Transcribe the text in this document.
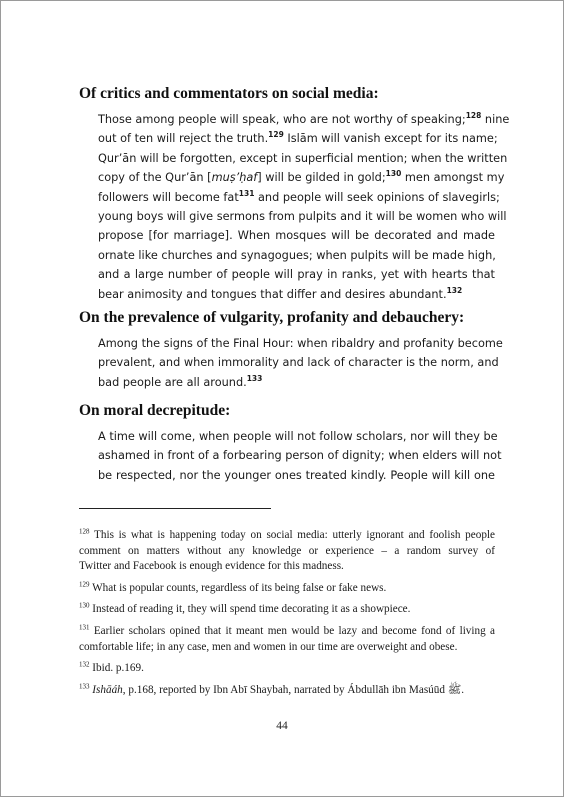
Of critics and commentators on social media:
Those among people will speak, who are not worthy of speaking;$^{128}$ nine
out of ten will reject the truth.$^{129}$ Islām will vanish except for its name;
Qur’ān will be forgotten, except in superficial mention; when the written
copy of the Qur’ān [muṣ’ḥaf] will be gilded in gold;$^{130}$ men amongst my
followers will become fat$^{131}$ and people will seek opinions of slavegirls;
young boys will give sermons from pulpits and it will be women who will
propose [for marriage]. When mosques will be decorated and made
ornate like churches and synagogues; when pulpits will be made high,
and a large number of people will pray in ranks, yet with hearts that
bear animosity and tongues that differ and desires abundant.$^{132}$
On the prevalence of vulgarity, profanity and debauchery:
Among the signs of the Final Hour: when ribaldry and profanity become
prevalent, and when immorality and lack of character is the norm, and
bad people are all around.$^{133}$
On moral decrepitude:
A time will come, when people will not follow scholars, nor will they be
ashamed in front of a forbearing person of dignity; when elders will not
be respected, nor the younger ones treated kindly. People will kill one
$^{128}$ This is what is happening today on social media: utterly ignorant and foolish people
comment on matters without any knowledge or experience – a random survey of
Twitter and Facebook is enough evidence for this madness.
$^{129}$ What is popular counts, regardless of its being false or fake news.
$^{130}$ Instead of reading it, they will spend time decorating it as a showpiece.
$^{131}$ Earlier scholars opined that it meant men would be lazy and become fond of living a
comfortable life; in any case, men and women in our time are overweight and obese.
$^{132}$ Ibid. p.169.
$^{133}$ Ishāáh, p.168, reported by Ibn Abī Shaybah, narrated by Ábdullāh ibn Masúūd ﷺ.
44
